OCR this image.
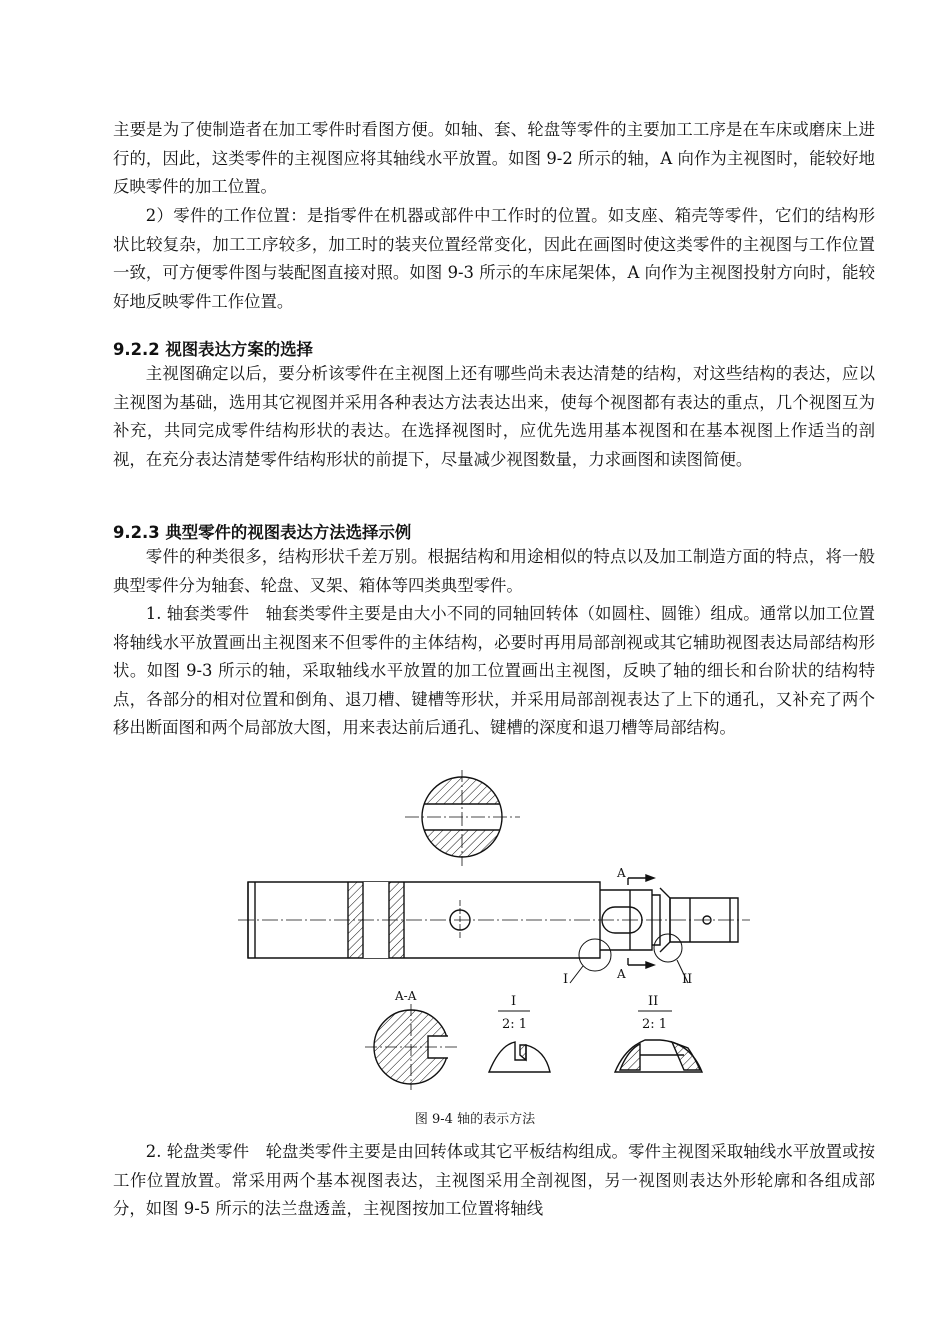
主要是为了使制造者在加工零件时看图方便。如轴、套、轮盘等零件的主要加工工序是在车床或磨床上进行的，因此，这类零件的主视图应将其轴线水平放置。如图 9-2 所示的轴，A 向作为主视图时，能较好地反映零件的加工位置。

2）零件的工作位置：是指零件在机器或部件中工作时的位置。如支座、箱壳等零件，它们的结构形状比较复杂，加工工序较多，加工时的装夹位置经常变化，因此在画图时使这类零件的主视图与工作位置一致，可方便零件图与装配图直接对照。如图 9-3 所示的车床尾架体，A 向作为主视图投射方向时，能较好地反映零件工作位置。

9.2.2 视图表达方案的选择

主视图确定以后，要分析该零件在主视图上还有哪些尚未表达清楚的结构，对这些结构的表达，应以主视图为基础，选用其它视图并采用各种表达方法表达出来，使每个视图都有表达的重点，几个视图互为补充，共同完成零件结构形状的表达。在选择视图时，应优先选用基本视图和在基本视图上作适当的剖视，在充分表达清楚零件结构形状的前提下，尽量减少视图数量，力求画图和读图简便。

9.2.3 典型零件的视图表达方法选择示例

零件的种类很多，结构形状千差万别。根据结构和用途相似的特点以及加工制造方面的特点，将一般典型零件分为轴套、轮盘、叉架、箱体等四类典型零件。

1. 轴套类零件　轴套类零件主要是由大小不同的同轴回转体（如圆柱、圆锥）组成。通常以加工位置将轴线水平放置画出主视图来不但零件的主体结构，必要时再用局部剖视或其它辅助视图表达局部结构形状。如图 9-3 所示的轴，采取轴线水平放置的加工位置画出主视图，反映了轴的细长和台阶状的结构特点，各部分的相对位置和倒角、退刀槽、键槽等形状，并采用局部剖视表达了上下的通孔，又补充了两个移出断面图和两个局部放大图，用来表达前后通孔、键槽的深度和退刀槽等局部结构。

A
A
I	II
A-A	I
2: 1
II
2: 1
图 9-4 轴的表示方法

2. 轮盘类零件　轮盘类零件主要是由回转体或其它平板结构组成。零件主视图采取轴线水平放置或按工作位置放置。常采用两个基本视图表达，主视图采用全剖视图，另一视图则表达外形轮廓和各组成部分，如图 9-5 所示的法兰盘透盖，主视图按加工位置将轴线
